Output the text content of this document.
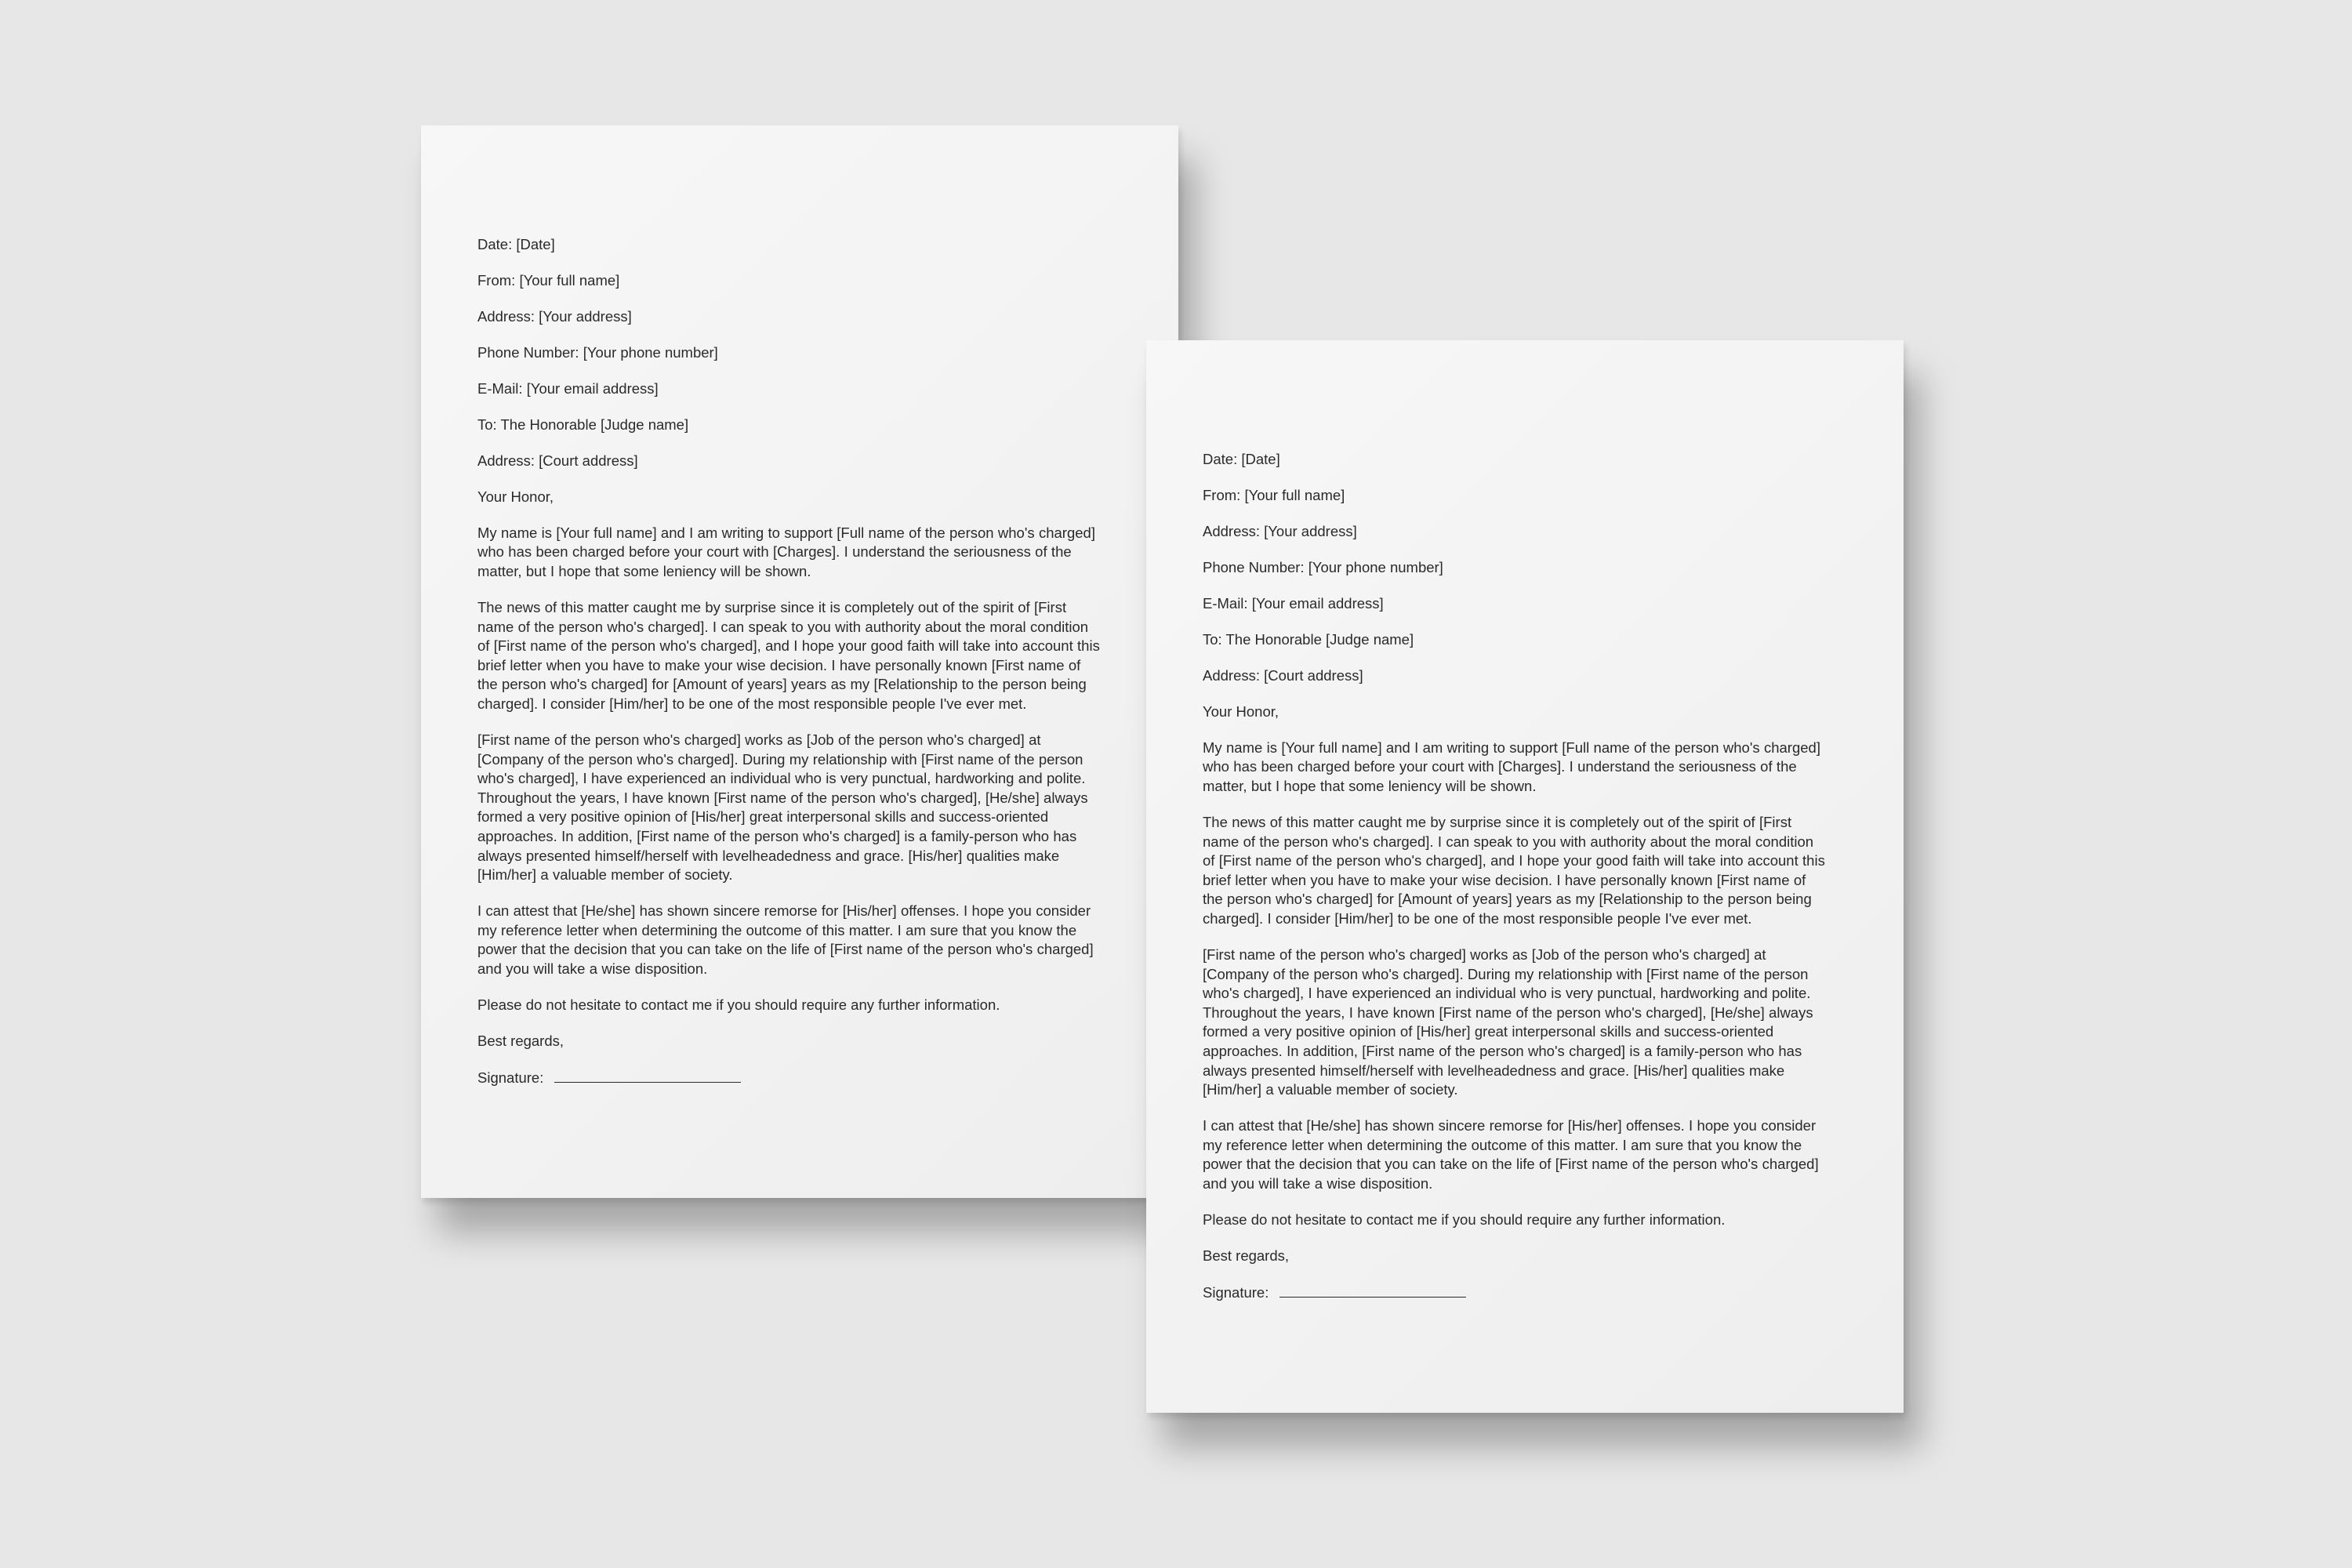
Date: [Date]
From: [Your full name]
Address: [Your address]
Phone Number: [Your phone number]
E-Mail: [Your email address]
To: The Honorable [Judge name]
Address: [Court address]
Your Honor,
My name is [Your full name] and I am writing to support [Full name of the person who's charged]
who has been charged before your court with [Charges]. I understand the seriousness of the
matter, but I hope that some leniency will be shown.
The news of this matter caught me by surprise since it is completely out of the spirit of [First
name of the person who's charged]. I can speak to you with authority about the moral condition
of [First name of the person who's charged], and I hope your good faith will take into account this
brief letter when you have to make your wise decision. I have personally known [First name of
the person who's charged] for [Amount of years] years as my [Relationship to the person being
charged]. I consider [Him/her] to be one of the most responsible people I've ever met.
[First name of the person who's charged] works as [Job of the person who's charged] at
[Company of the person who's charged]. During my relationship with [First name of the person
who's charged], I have experienced an individual who is very punctual, hardworking and polite.
Throughout the years, I have known [First name of the person who's charged], [He/she] always
formed a very positive opinion of [His/her] great interpersonal skills and success-oriented
approaches. In addition, [First name of the person who's charged] is a family-person who has
always presented himself/herself with levelheadedness and grace. [His/her] qualities make
[Him/her] a valuable member of society.
I can attest that [He/she] has shown sincere remorse for [His/her] offenses. I hope you consider
my reference letter when determining the outcome of this matter. I am sure that you know the
power that the decision that you can take on the life of [First name of the person who's charged]
and you will take a wise disposition.
Please do not hesitate to contact me if you should require any further information.
Best regards,
Signature:
Date: [Date]
From: [Your full name]
Address: [Your address]
Phone Number: [Your phone number]
E-Mail: [Your email address]
To: The Honorable [Judge name]
Address: [Court address]
Your Honor,
My name is [Your full name] and I am writing to support [Full name of the person who's charged]
who has been charged before your court with [Charges]. I understand the seriousness of the
matter, but I hope that some leniency will be shown.
The news of this matter caught me by surprise since it is completely out of the spirit of [First
name of the person who's charged]. I can speak to you with authority about the moral condition
of [First name of the person who's charged], and I hope your good faith will take into account this
brief letter when you have to make your wise decision. I have personally known [First name of
the person who's charged] for [Amount of years] years as my [Relationship to the person being
charged]. I consider [Him/her] to be one of the most responsible people I've ever met.
[First name of the person who's charged] works as [Job of the person who's charged] at
[Company of the person who's charged]. During my relationship with [First name of the person
who's charged], I have experienced an individual who is very punctual, hardworking and polite.
Throughout the years, I have known [First name of the person who's charged], [He/she] always
formed a very positive opinion of [His/her] great interpersonal skills and success-oriented
approaches. In addition, [First name of the person who's charged] is a family-person who has
always presented himself/herself with levelheadedness and grace. [His/her] qualities make
[Him/her] a valuable member of society.
I can attest that [He/she] has shown sincere remorse for [His/her] offenses. I hope you consider
my reference letter when determining the outcome of this matter. I am sure that you know the
power that the decision that you can take on the life of [First name of the person who's charged]
and you will take a wise disposition.
Please do not hesitate to contact me if you should require any further information.
Best regards,
Signature:
